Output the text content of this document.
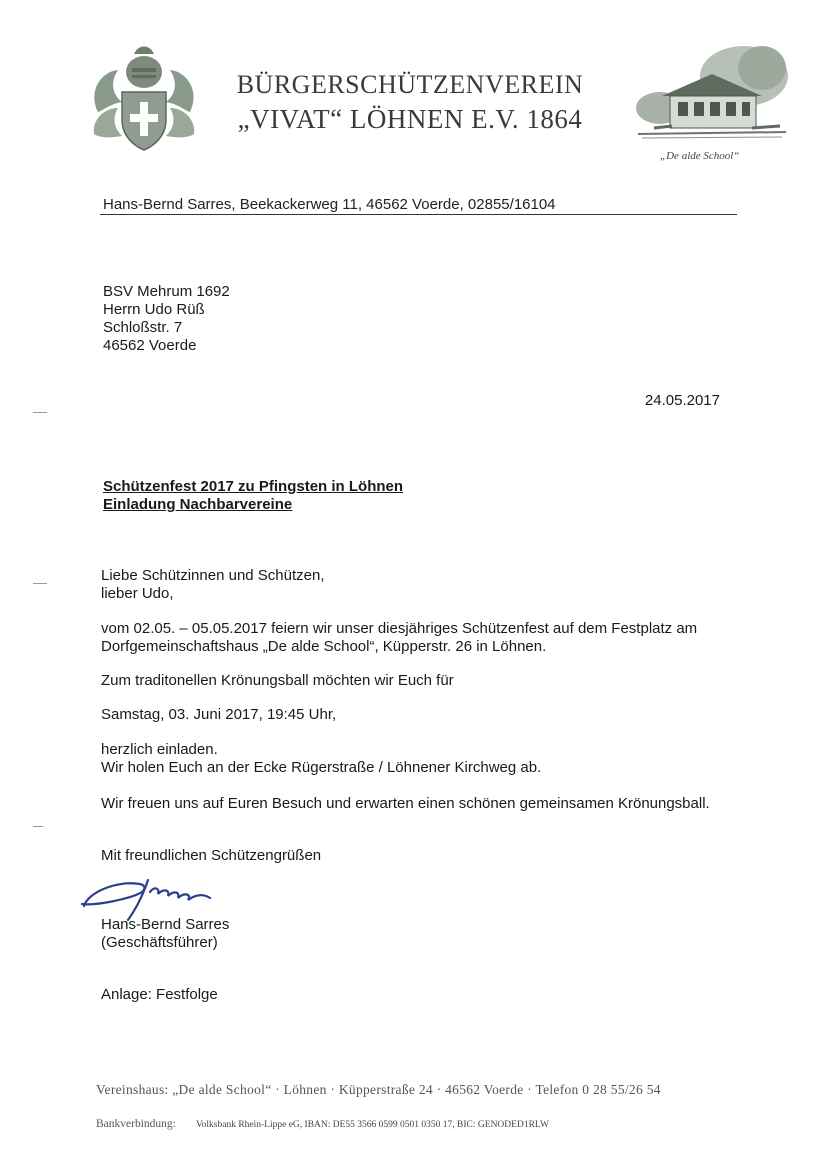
BÜRGERSCHÜTZENVEREIN
„VIVAT“ LÖHNEN E.V. 1864
„De alde School“
Hans-Bernd Sarres, Beekackerweg 11, 46562 Voerde, 02855/16104
BSV Mehrum 1692
Herrn Udo Rüß
Schloßstr. 7
46562 Voerde
24.05.2017
Schützenfest 2017 zu Pfingsten in Löhnen
Einladung Nachbarvereine
Liebe Schützinnen und Schützen,
lieber Udo,
vom 02.05. – 05.05.2017 feiern wir unser diesjähriges Schützenfest auf dem Festplatz am
Dorfgemeinschaftshaus „De alde School“, Küpperstr. 26 in Löhnen.
Zum traditonellen Krönungsball möchten wir Euch für
Samstag, 03. Juni 2017, 19:45 Uhr,
herzlich einladen.
Wir holen Euch an der Ecke Rügerstraße / Löhnener Kirchweg ab.
Wir freuen uns auf Euren Besuch und erwarten einen schönen gemeinsamen Krönungsball.
Mit freundlichen Schützengrüßen
Hans-Bernd Sarres
(Geschäftsführer)
Anlage: Festfolge
Vereinshaus: „De alde School“ · Löhnen · Küpperstraße 24 · 46562 Voerde · Telefon 0 28 55/26 54
Bankverbindung: Volksbank Rhein-Lippe eG, IBAN: DE55 3566 0599 0501 0350 17, BIC: GENODED1RLW
